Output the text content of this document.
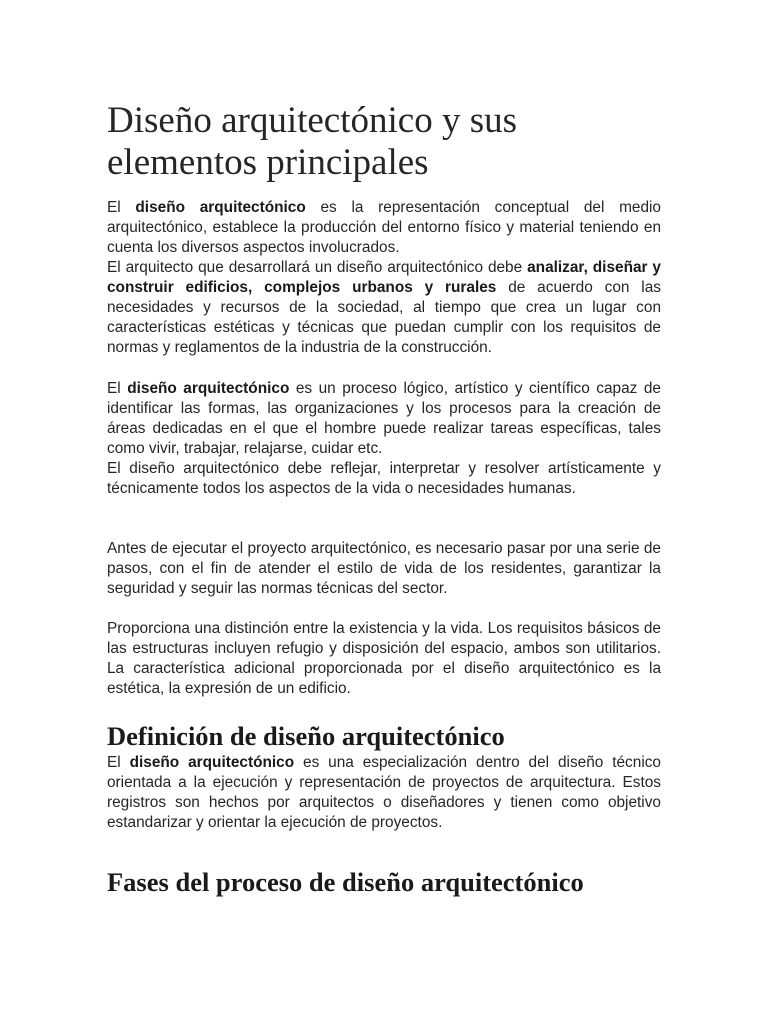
Diseño arquitectónico y sus elementos principales

El diseño arquitectónico es la representación conceptual del medio arquitectónico, establece la producción del entorno físico y material teniendo en cuenta los diversos aspectos involucrados.

El arquitecto que desarrollará un diseño arquitectónico debe analizar, diseñar y construir edificios, complejos urbanos y rurales de acuerdo con las necesidades y recursos de la sociedad, al tiempo que crea un lugar con características estéticas y técnicas que puedan cumplir con los requisitos de normas y reglamentos de la industria de la construcción.

El diseño arquitectónico es un proceso lógico, artístico y científico capaz de identificar las formas, las organizaciones y los procesos para la creación de áreas dedicadas en el que el hombre puede realizar tareas específicas, tales como vivir, trabajar, relajarse, cuidar etc.

El diseño arquitectónico debe reflejar, interpretar y resolver artísticamente y técnicamente todos los aspectos de la vida o necesidades humanas.

Antes de ejecutar el proyecto arquitectónico, es necesario pasar por una serie de pasos, con el fin de atender el estilo de vida de los residentes, garantizar la seguridad y seguir las normas técnicas del sector.

Proporciona una distinción entre la existencia y la vida. Los requisitos básicos de las estructuras incluyen refugio y disposición del espacio, ambos son utilitarios. La característica adicional proporcionada por el diseño arquitectónico es la estética, la expresión de un edificio.

Definición de diseño arquitectónico

El diseño arquitectónico es una especialización dentro del diseño técnico orientada a la ejecución y representación de proyectos de arquitectura. Estos registros son hechos por arquitectos o diseñadores y tienen como objetivo estandarizar y orientar la ejecución de proyectos.

Fases del proceso de diseño arquitectónico
